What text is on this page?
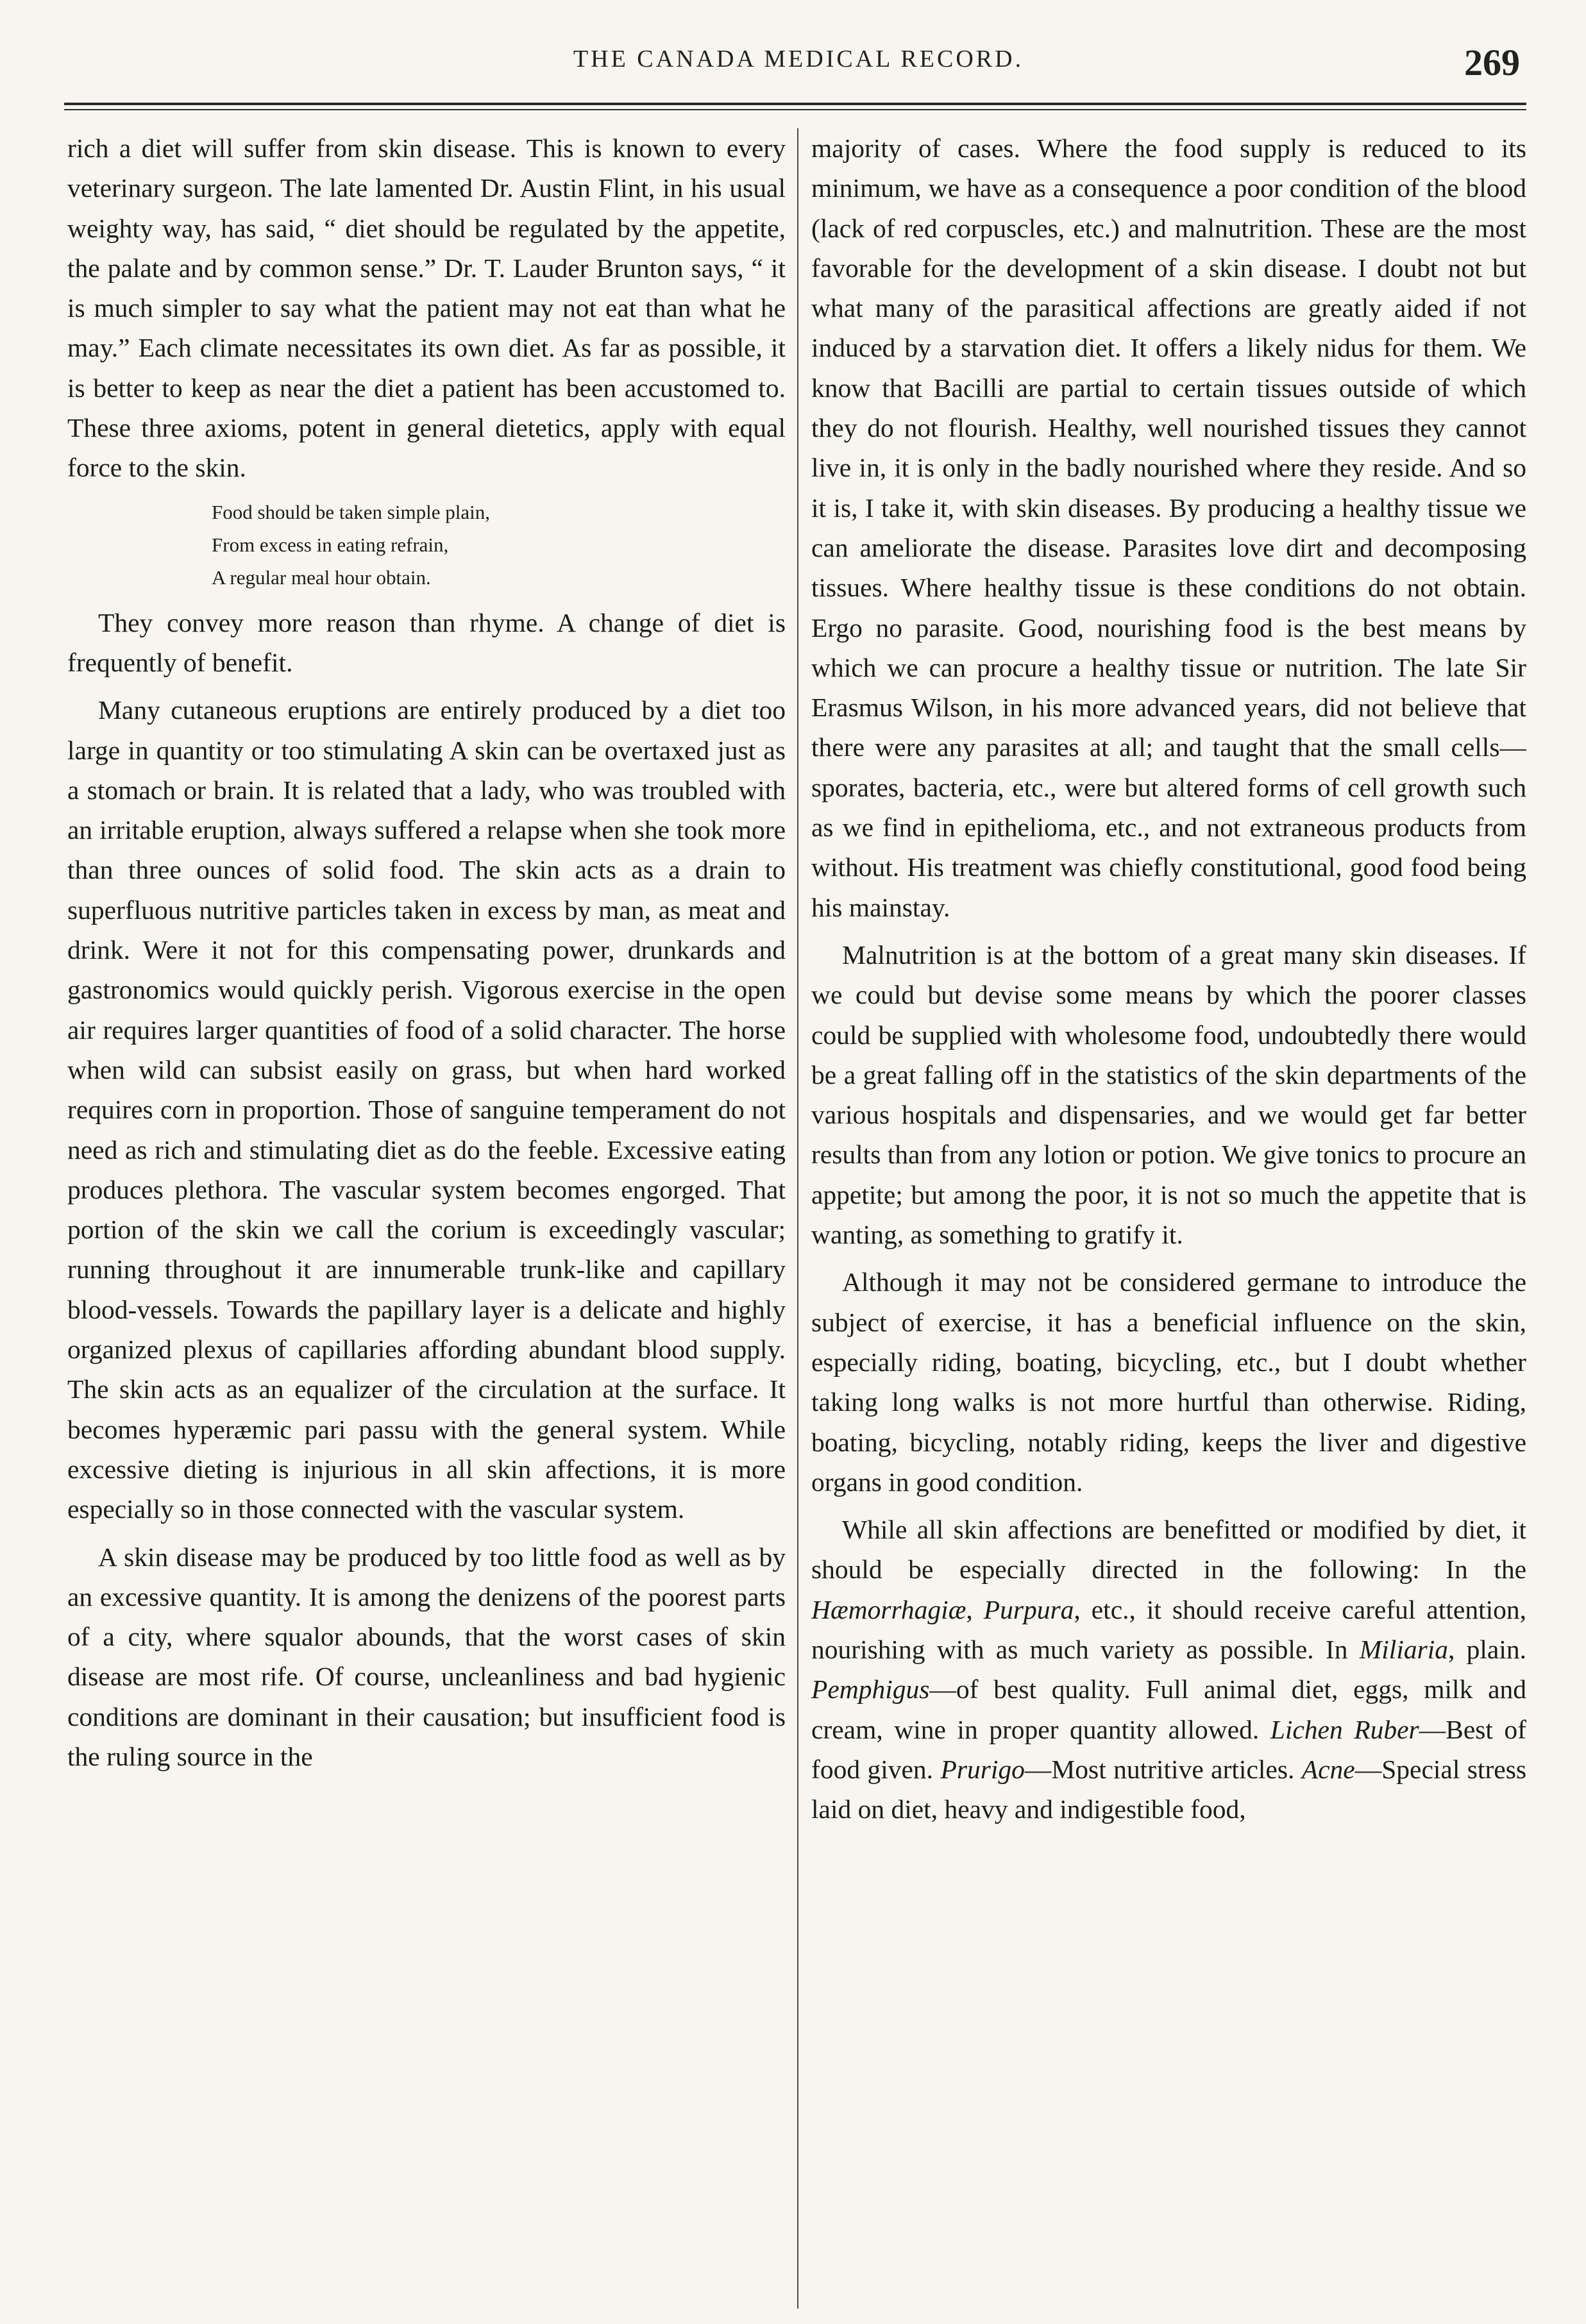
THE CANADA MEDICAL RECORD.	269

rich a diet will suffer from skin disease. This is known to every veterinary surgeon. The late lamented Dr. Austin Flint, in his usual weighty way, has said, “ diet should be regulated by the appetite, the palate and by common sense.” Dr. T. Lauder Brunton says, “ it is much simpler to say what the patient may not eat than what he may.” Each climate necessitates its own diet. As far as possible, it is better to keep as near the diet a patient has been accustomed to. These three axioms, potent in general dietetics, apply with equal force to the skin.

Food should be taken simple plain,
From excess in eating refrain,
A regular meal hour obtain.

They convey more reason than rhyme. A change of diet is frequently of benefit.

Many cutaneous eruptions are entirely produced by a diet too large in quantity or too stimulating A skin can be overtaxed just as a stomach or brain. It is related that a lady, who was troubled with an irritable eruption, always suffered a relapse when she took more than three ounces of solid food. The skin acts as a drain to superfluous nutritive particles taken in excess by man, as meat and drink. Were it not for this compensating power, drunkards and gastronomics would quickly perish. Vigorous exercise in the open air requires larger quantities of food of a solid character. The horse when wild can subsist easily on grass, but when hard worked requires corn in proportion. Those of sanguine temperament do not need as rich and stimulating diet as do the feeble. Excessive eating produces plethora. The vascular system becomes engorged. That portion of the skin we call the corium is exceedingly vascular; running throughout it are innumerable trunk-like and capillary blood-vessels. Towards the papillary layer is a delicate and highly organized plexus of capillaries affording abundant blood supply. The skin acts as an equalizer of the circulation at the surface. It becomes hyperæmic pari passu with the general system. While excessive dieting is injurious in all skin affections, it is more especially so in those connected with the vascular system.

A skin disease may be produced by too little food as well as by an excessive quantity. It is among the denizens of the poorest parts of a city, where squalor abounds, that the worst cases of skin disease are most rife. Of course, uncleanliness and bad hygienic conditions are dominant in their causation; but insufficient food is the ruling source in the

majority of cases. Where the food supply is reduced to its minimum, we have as a consequence a poor condition of the blood (lack of red corpuscles, etc.) and malnutrition. These are the most favorable for the development of a skin disease. I doubt not but what many of the parasitical affections are greatly aided if not induced by a starvation diet. It offers a likely nidus for them. We know that Bacilli are partial to certain tissues outside of which they do not flourish. Healthy, well nourished tissues they cannot live in, it is only in the badly nourished where they reside. And so it is, I take it, with skin diseases. By producing a healthy tissue we can ameliorate the disease. Parasites love dirt and decomposing tissues. Where healthy tissue is these conditions do not obtain. Ergo no parasite. Good, nourishing food is the best means by which we can procure a healthy tissue or nutrition. The late Sir Erasmus Wilson, in his more advanced years, did not believe that there were any parasites at all; and taught that the small cells—sporates, bacteria, etc., were but altered forms of cell growth such as we find in epithelioma, etc., and not extraneous products from without. His treatment was chiefly constitutional, good food being his mainstay.

Malnutrition is at the bottom of a great many skin diseases. If we could but devise some means by which the poorer classes could be supplied with wholesome food, undoubtedly there would be a great falling off in the statistics of the skin departments of the various hospitals and dispensaries, and we would get far better results than from any lotion or potion. We give tonics to procure an appetite; but among the poor, it is not so much the appetite that is wanting, as something to gratify it.

Although it may not be considered germane to introduce the subject of exercise, it has a beneficial influence on the skin, especially riding, boating, bicycling, etc., but I doubt whether taking long walks is not more hurtful than otherwise. Riding, boating, bicycling, notably riding, keeps the liver and digestive organs in good condition.

While all skin affections are benefitted or modified by diet, it should be especially directed in the following: In the Hæmorrhagiæ, Purpura, etc., it should receive careful attention, nourishing with as much variety as possible. In Miliaria, plain. Pemphigus—of best quality. Full animal diet, eggs, milk and cream, wine in proper quantity allowed. Lichen Ruber—Best of food given. Prurigo—Most nutritive articles. Acne—Special stress laid on diet, heavy and indigestible food,
